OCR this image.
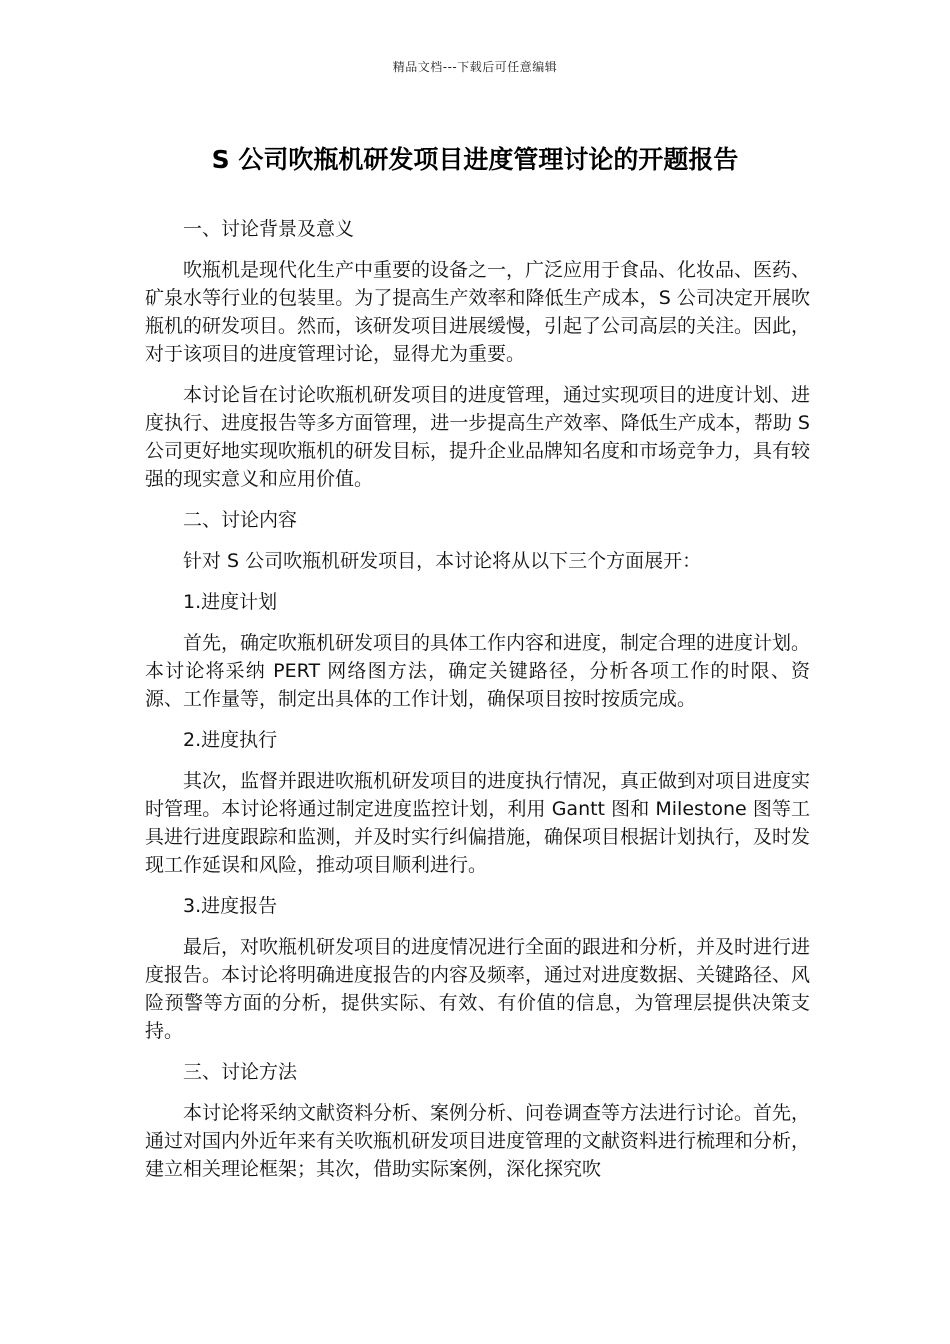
精品文档---下载后可任意编辑
S 公司吹瓶机研发项目进度管理讨论的开题报告

一、讨论背景及意义

吹瓶机是现代化生产中重要的设备之一，广泛应用于食品、化妆品、医药、矿泉水等行业的包装里。为了提高生产效率和降低生产成本，S 公司决定开展吹瓶机的研发项目。然而，该研发项目进展缓慢，引起了公司高层的关注。因此，对于该项目的进度管理讨论，显得尤为重要。

本讨论旨在讨论吹瓶机研发项目的进度管理，通过实现项目的进度计划、进度执行、进度报告等多方面管理，进一步提高生产效率、降低生产成本，帮助 S 公司更好地实现吹瓶机的研发目标，提升企业品牌知名度和市场竞争力，具有较强的现实意义和应用价值。

二、讨论内容

针对 S 公司吹瓶机研发项目，本讨论将从以下三个方面展开：

1.进度计划

首先，确定吹瓶机研发项目的具体工作内容和进度，制定合理的进度计划。本讨论将采纳 PERT 网络图方法，确定关键路径，分析各项工作的时限、资源、工作量等，制定出具体的工作计划，确保项目按时按质完成。

2.进度执行

其次，监督并跟进吹瓶机研发项目的进度执行情况，真正做到对项目进度实时管理。本讨论将通过制定进度监控计划，利用 Gantt 图和 Milestone 图等工具进行进度跟踪和监测，并及时实行纠偏措施，确保项目根据计划执行，及时发现工作延误和风险，推动项目顺利进行。

3.进度报告

最后，对吹瓶机研发项目的进度情况进行全面的跟进和分析，并及时进行进度报告。本讨论将明确进度报告的内容及频率，通过对进度数据、关键路径、风险预警等方面的分析，提供实际、有效、有价值的信息，为管理层提供决策支持。

三、讨论方法

本讨论将采纳文献资料分析、案例分析、问卷调查等方法进行讨论。首先，通过对国内外近年来有关吹瓶机研发项目进度管理的文献资料进行梳理和分析，建立相关理论框架；其次，借助实际案例，深化探究吹
